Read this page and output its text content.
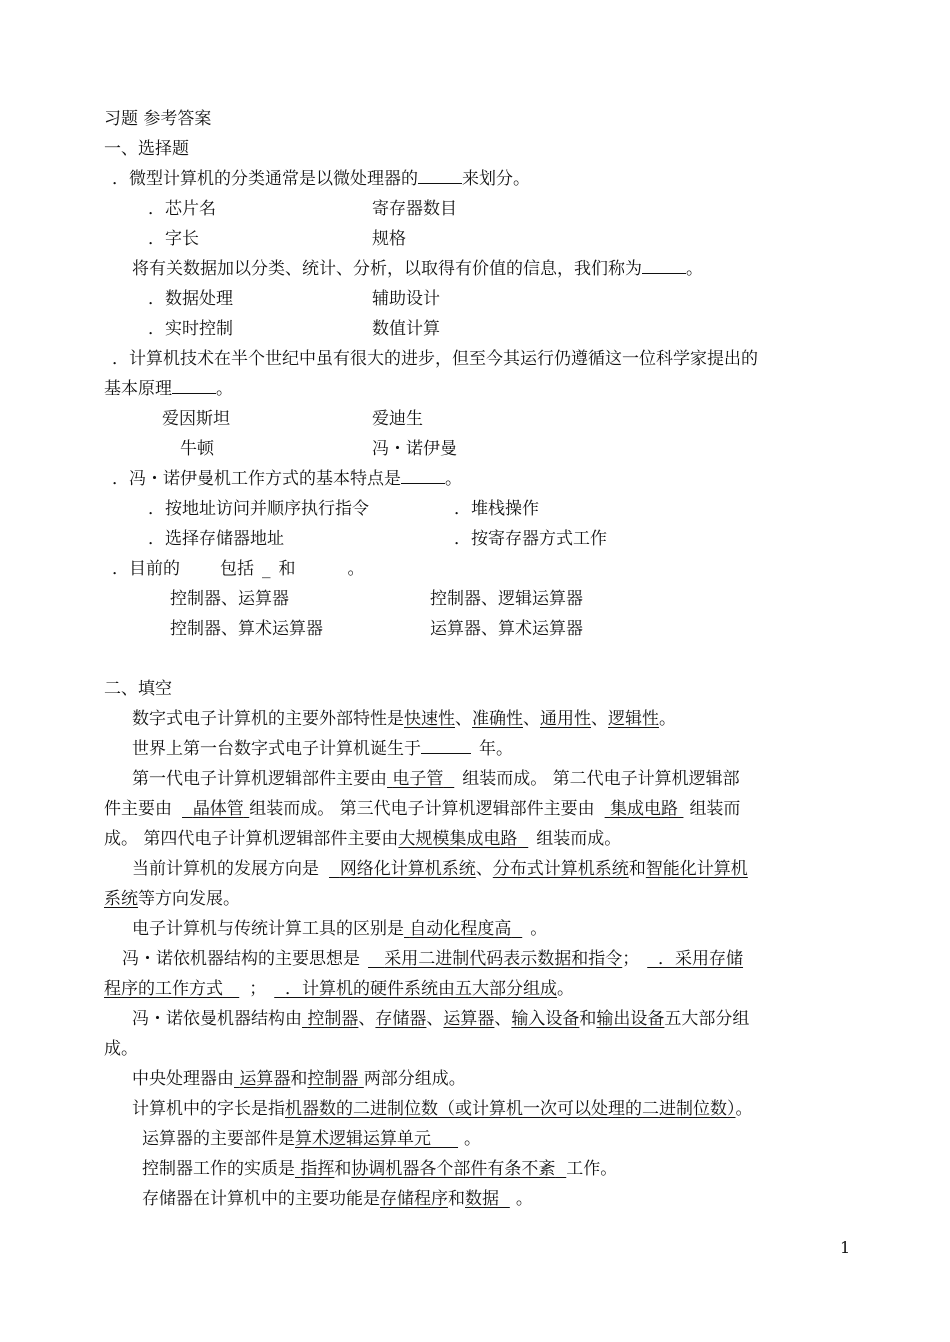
习题 参考答案
一、选择题
．微型计算机的分类通常是以微处理器的	来划分。
．芯片名	寄存器数目
．字长	规格
将有关数据加以分类、统计、分析，以取得有价值的信息，我们称为	。
．数据处理	辅助设计
．实时控制	数值计算
．计算机技术在半个世纪中虽有很大的进步，但至今其运行仍遵循这一位科学家提出的
基本原理	。
爱因斯坦	爱迪生
牛顿	冯・诺伊曼
．冯・诺伊曼机工作方式的基本特点是	。
．按地址访问并顺序执行指令	．堆栈操作
．选择存储器地址	．按寄存器方式工作
．目前的 包括 _ 和	。
控制器、运算器	控制器、逻辑运算器
控制器、算术运算器	运算器、算术运算器
二、填空
数字式电子计算机的主要外部特性是快速性、准确性、通用性、逻辑性。
世界上第一台数字式电子计算机诞生于	年。
第一代电子计算机逻辑部件主要由 电子管 组装而成。 第二代电子计算机逻辑部
件主要由 晶体管 组装而成。 第三代电子计算机逻辑部件主要由 集成电路 组装而
成。 第四代电子计算机逻辑部件主要由大规模集成电路 组装而成。
当前计算机的发展方向是 网络化计算机系统、分布式计算机系统和智能化计算机
系统等方向发展。
电子计算机与传统计算工具的区别是 自动化程度高 。
冯・诺依机器结构的主要思想是 采用二进制代码表示数据和指令； ．采用存储
程序的工作方式 ； ．计算机的硬件系统由五大部分组成。
冯・诺依曼机器结构由 控制器、存储器、运算器、输入设备和输出设备五大部分组
成。
中央处理器由 运算器和控制器 两部分组成。
计算机中的字长是指机器数的二进制位数（或计算机一次可以处理的二进制位数）。
运算器的主要部件是算术逻辑运算单元 。
控制器工作的实质是 指挥和协调机器各个部件有条不紊 工作。
存储器在计算机中的主要功能是存储程序和数据 。
1
